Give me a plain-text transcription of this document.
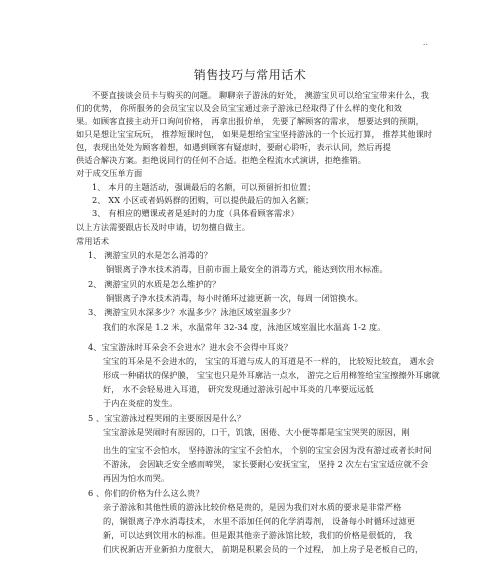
..
销售技巧与常用话术
不要直接谈会员卡与购买的问题。 聊聊亲子游泳的好处， 澳游宝贝可以给宝宝带来什么，我
们的优势， 你所服务的会员宝宝以及会员宝宝通过亲子游泳已经取得了什么样的变化和效
果。如顾客直接主动开口询问价格， 再拿出报价单， 先要了解顾客的需求， 想要达到的预期，
如只是想让宝宝玩玩， 推荐短课时包， 如果是想给宝宝坚持游泳的一个长远打算， 推荐其他课时
包，表现出处处为顾客着想，如遇到顾客有疑虑时，要耐心聆听，表示认同，然后再提
供适合解决方案。拒绝说同行的任何不合适。拒绝全程流水式演讲，拒绝推销。
对于成交压单方面
1、 本月的主题活动，强调最后的名额，可以预留折扣位置；
2、 XX 小区或者妈妈群的团购，可以提供最后的加入名额；
3、 有相应的赠课或者是延时的力度（具体看顾客需求）
以上方法需要跟店长及时申请，切勿擅自做主。
常用话术
1、 澳游宝贝的水是怎么消毒的？
铜银离子净水技术消毒，目前市面上最安全的消毒方式，能达到饮用水标准。
2、 澳游宝贝的水质是怎么维护的？
铜银离子净水技术消毒，每小时循环过滤更新一次，每周一闭馆换水。
3、 澳游宝贝水深多少？水温多少？泳池区域室温多少？
我们的水深是 1.2 米，水温常年 32-34 度，泳池区域室温比水温高 1-2 度。
4、宝宝游泳时耳朵会不会进水？进水会不会得中耳炎？
宝宝的耳朵是不会进水的， 宝宝的耳道与成人的耳道是不一样的， 比较短比较直， 遇水会
形成一种硝状的保护膜， 宝宝也只是外耳廓沾一点水， 游完之后用棉签给宝宝擦擦外耳廓就
好， 水不会轻易进入耳道， 研究发现通过游泳引起中耳炎的几率要远远低
于内在炎症的发生。
5 、宝宝游泳过程哭闹的主要原因是什么？
宝宝游泳是哭闹时有原因的，口干，饥饿，困倦、大小便等都是宝宝哭哭的原因，刚
出生的宝宝不会怕水， 坚持游泳的宝宝不会怕水， 个别的宝宝会因为没有游过或者长时间
不游泳， 会因缺乏安全感而啼哭， 家长要耐心安抚宝宝， 坚持 2 次左右宝宝适应就不会
再因为怕水而哭。
6 、你们的价格为什么这么贵？
亲子游泳和其他性质的游泳比较价格是贵的，是因为我们对水质的要求是非常严格
的，铜银离子净水消毒技术， 水里不添加任何的化学消毒剂， 设备每小时循环过滤更
新，可以达到饮用水的标准。但是跟其他亲子游泳馆比较，我们的价格是很低的， 我
们庆祝新店开业新拍力度很大， 前期是积累会员的一个过程， 加上房子是老板自己的，
